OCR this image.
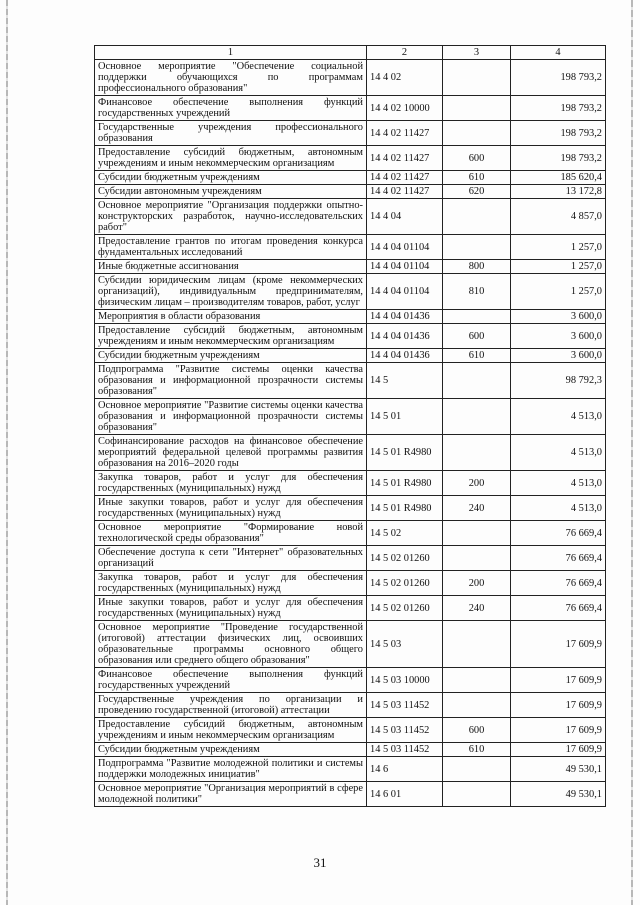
1	2	3	4
Основное мероприятие "Обеспечение социальной поддержки обучающихся по программам профессионального образования"	14 4 02		198 793,2
Финансовое обеспечение выполнения функций государственных учреждений	14 4 02 10000		198 793,2
Государственные учреждения профессионального образования	14 4 02 11427		198 793,2
Предоставление субсидий бюджетным, автономным учреждениям и иным некоммерческим организациям	14 4 02 11427	600	198 793,2
Субсидии бюджетным учреждениям	14 4 02 11427	610	185 620,4
Субсидии автономным учреждениям	14 4 02 11427	620	13 172,8
Основное мероприятие "Организация поддержки опытно-конструкторских разработок, научно-исследовательских работ"	14 4 04		4 857,0
Предоставление грантов по итогам проведения конкурса фундаментальных исследований	14 4 04 01104		1 257,0
Иные бюджетные ассигнования	14 4 04 01104	800	1 257,0
Субсидии юридическим лицам (кроме некоммерческих организаций), индивидуальным предпринимателям, физическим лицам – производителям товаров, работ, услуг	14 4 04 01104	810	1 257,0
Мероприятия в области образования	14 4 04 01436		3 600,0
Предоставление субсидий бюджетным, автономным учреждениям и иным некоммерческим организациям	14 4 04 01436	600	3 600,0
Субсидии бюджетным учреждениям	14 4 04 01436	610	3 600,0
Подпрограмма "Развитие системы оценки качества образования и информационной прозрачности системы образования"	14 5		98 792,3
Основное мероприятие "Развитие системы оценки качества образования и информационной прозрачности системы образования"	14 5 01		4 513,0
Софинансирование расходов на финансовое обеспечение мероприятий федеральной целевой программы развития образования на 2016–2020 годы	14 5 01 R4980		4 513,0
Закупка товаров, работ и услуг для обеспечения государственных (муниципальных) нужд	14 5 01 R4980	200	4 513,0
Иные закупки товаров, работ и услуг для обеспечения государственных (муниципальных) нужд	14 5 01 R4980	240	4 513,0
Основное мероприятие "Формирование новой технологической среды образования"	14 5 02		76 669,4
Обеспечение доступа к сети "Интернет" образовательных организаций	14 5 02 01260		76 669,4
Закупка товаров, работ и услуг для обеспечения государственных (муниципальных) нужд	14 5 02 01260	200	76 669,4
Иные закупки товаров, работ и услуг для обеспечения государственных (муниципальных) нужд	14 5 02 01260	240	76 669,4
Основное мероприятие "Проведение государственной (итоговой) аттестации физических лиц, освоивших образовательные программы основного общего образования или среднего общего образования"	14 5 03		17 609,9
Финансовое обеспечение выполнения функций государственных учреждений	14 5 03 10000		17 609,9
Государственные учреждения по организации и проведению государственной (итоговой) аттестации	14 5 03 11452		17 609,9
Предоставление субсидий бюджетным, автономным учреждениям и иным некоммерческим организациям	14 5 03 11452	600	17 609,9
Субсидии бюджетным учреждениям	14 5 03 11452	610	17 609,9
Подпрограмма "Развитие молодежной политики и системы поддержки молодежных инициатив"	14 6		49 530,1
Основное мероприятие "Организация мероприятий в сфере молодежной политики"	14 6 01		49 530,1
31
